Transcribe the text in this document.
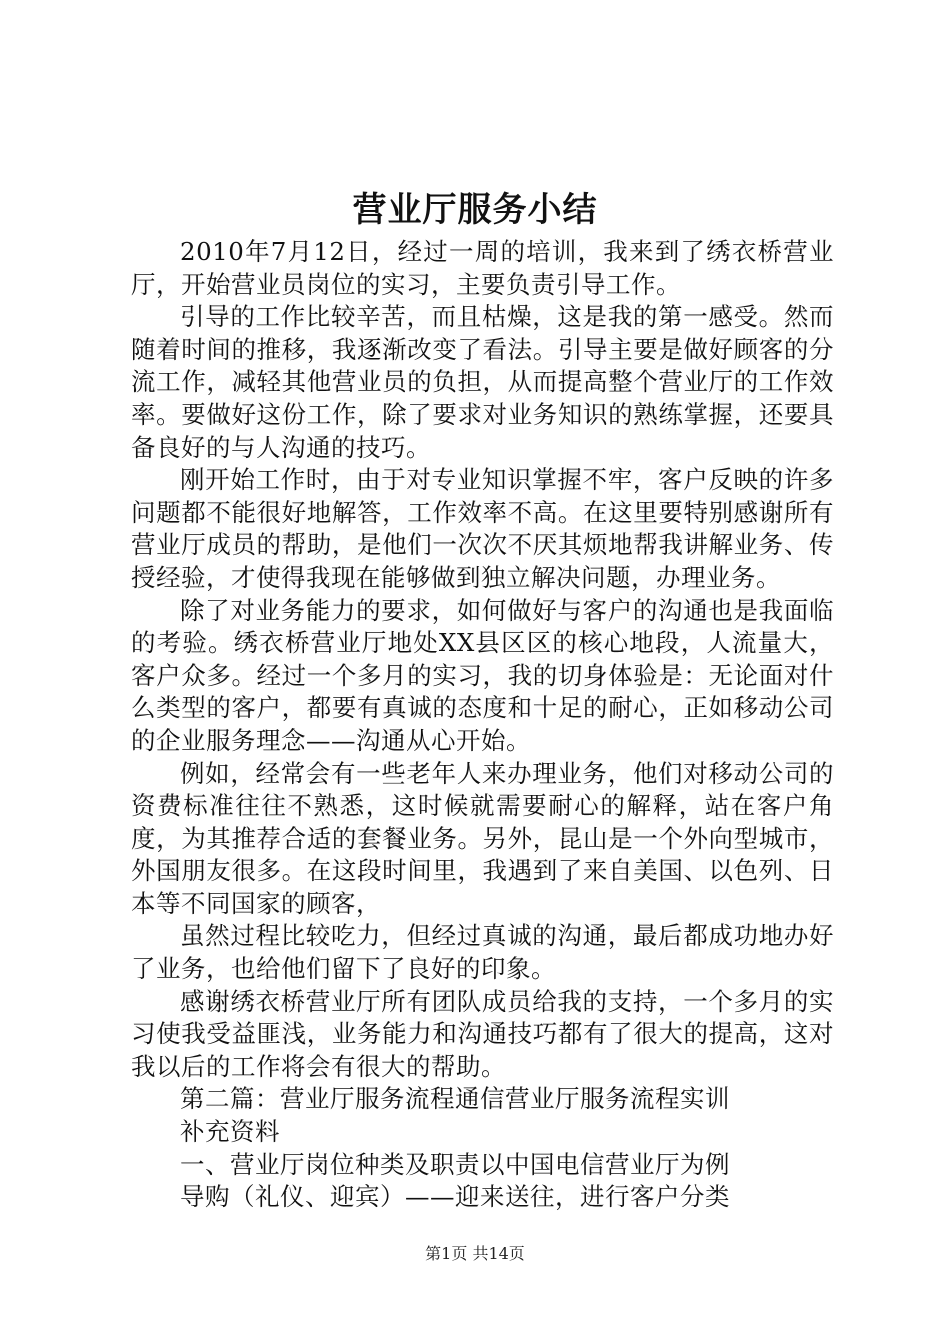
营业厅服务小结

2010年7月12日，经过一周的培训，我来到了绣衣桥营业厅，开始营业员岗位的实习，主要负责引导工作。

引导的工作比较辛苦，而且枯燥，这是我的第一感受。然而随着时间的推移，我逐渐改变了看法。引导主要是做好顾客的分流工作，减轻其他营业员的负担，从而提高整个营业厅的工作效率。要做好这份工作，除了要求对业务知识的熟练掌握，还要具备良好的与人沟通的技巧。

刚开始工作时，由于对专业知识掌握不牢，客户反映的许多问题都不能很好地解答，工作效率不高。在这里要特别感谢所有营业厅成员的帮助，是他们一次次不厌其烦地帮我讲解业务、传授经验，才使得我现在能够做到独立解决问题，办理业务。

除了对业务能力的要求，如何做好与客户的沟通也是我面临的考验。绣衣桥营业厅地处XX县区区的核心地段，人流量大，客户众多。经过一个多月的实习，我的切身体验是：无论面对什么类型的客户，都要有真诚的态度和十足的耐心，正如移动公司的企业服务理念——沟通从心开始。

例如，经常会有一些老年人来办理业务，他们对移动公司的资费标准往往不熟悉，这时候就需要耐心的解释，站在客户角度，为其推荐合适的套餐业务。另外，昆山是一个外向型城市，外国朋友很多。在这段时间里，我遇到了来自美国、以色列、日本等不同国家的顾客，

虽然过程比较吃力，但经过真诚的沟通，最后都成功地办好了业务，也给他们留下了良好的印象。

感谢绣衣桥营业厅所有团队成员给我的支持，一个多月的实习使我受益匪浅，业务能力和沟通技巧都有了很大的提高，这对我以后的工作将会有很大的帮助。

第二篇：营业厅服务流程通信营业厅服务流程实训

补充资料

一、营业厅岗位种类及职责以中国电信营业厅为例

导购（礼仪、迎宾）——迎来送往，进行客户分类

第1页 共14页
